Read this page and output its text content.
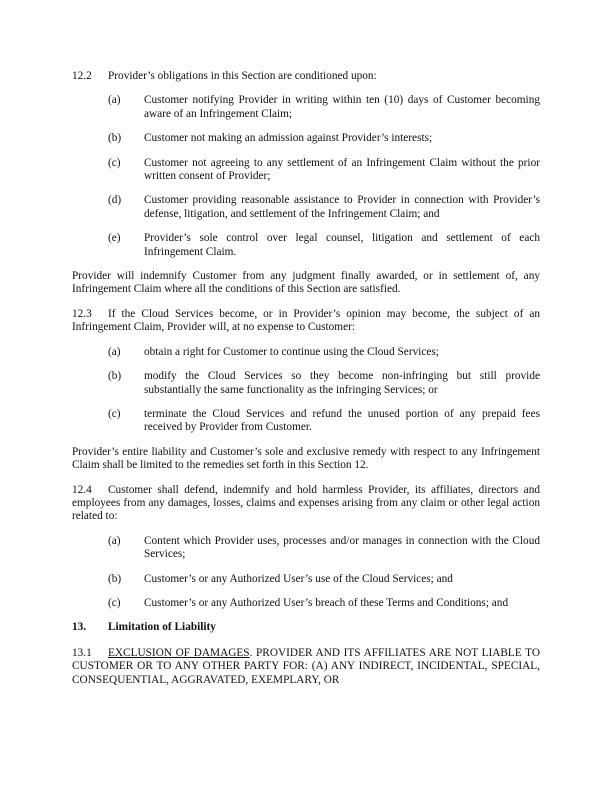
12.2 Provider’s obligations in this Section are conditioned upon:

(a)	Customer notifying Provider in writing within ten (10) days of Customer becoming aware of an Infringement Claim;
(b)	Customer not making an admission against Provider’s interests;
(c)	Customer not agreeing to any settlement of an Infringement Claim without the prior written consent of Provider;
(d)	Customer providing reasonable assistance to Provider in connection with Provider’s defense, litigation, and settlement of the Infringement Claim; and
(e)	Provider’s sole control over legal counsel, litigation and settlement of each Infringement Claim.

Provider will indemnify Customer from any judgment finally awarded, or in settlement of, any Infringement Claim where all the conditions of this Section are satisfied.

12.3 If the Cloud Services become, or in Provider’s opinion may become, the subject of an Infringement Claim, Provider will, at no expense to Customer:

(a)	obtain a right for Customer to continue using the Cloud Services;
(b)	modify the Cloud Services so they become non-infringing but still provide substantially the same functionality as the infringing Services; or
(c)	terminate the Cloud Services and refund the unused portion of any prepaid fees received by Provider from Customer.

Provider’s entire liability and Customer’s sole and exclusive remedy with respect to any Infringement Claim shall be limited to the remedies set forth in this Section 12.

12.4 Customer shall defend, indemnify and hold harmless Provider, its affiliates, directors and employees from any damages, losses, claims and expenses arising from any claim or other legal action related to:

(a)	Content which Provider uses, processes and/or manages in connection with the Cloud Services;
(b)	Customer’s or any Authorized User’s use of the Cloud Services; and
(c)	Customer’s or any Authorized User’s breach of these Terms and Conditions; and

13. Limitation of Liability

13.1 EXCLUSION OF DAMAGES. PROVIDER AND ITS AFFILIATES ARE NOT LIABLE TO CUSTOMER OR TO ANY OTHER PARTY FOR: (A) ANY INDIRECT, INCIDENTAL, SPECIAL, CONSEQUENTIAL, AGGRAVATED, EXEMPLARY, OR
